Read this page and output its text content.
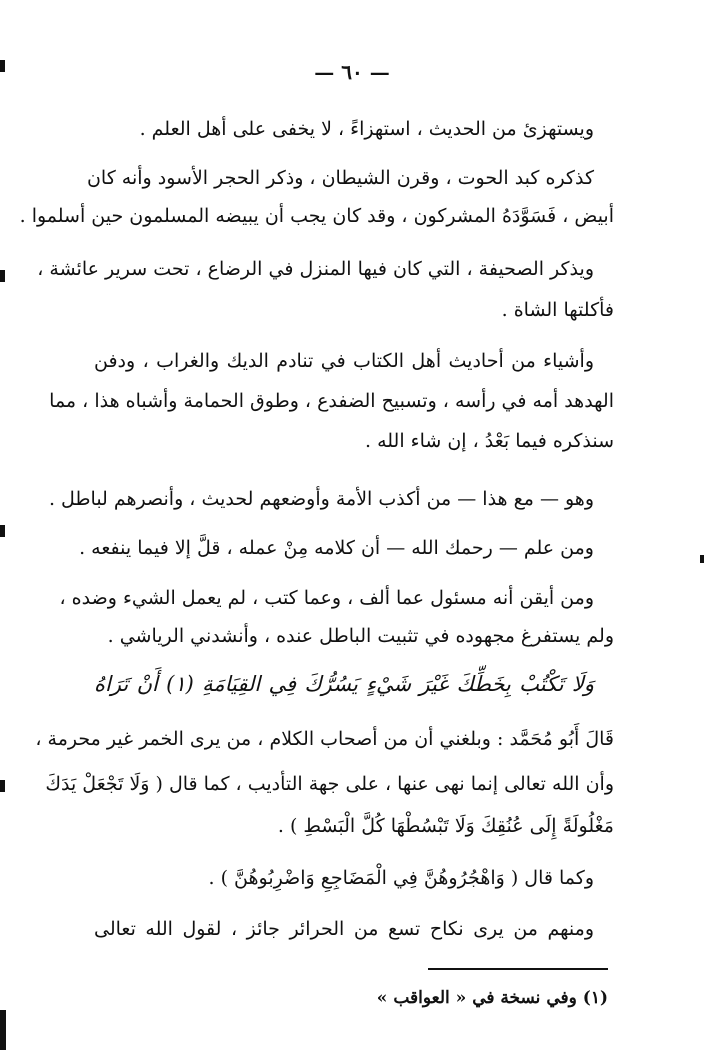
— ٦٠ —
ويستهزئ من الحديث ، استهزاءً ، لا يخفى على أهل العلم .
كذكره كبد الحوت ، وقرن الشيطان ، وذكر الحجر الأسود وأنه كان
أبيض ، فَسَوَّدَهُ المشركون ، وقد كان يجب أن يبيضه المسلمون حين أسلموا .
ويذكر الصحيفة ، التي كان فيها المنزل في الرضاع ، تحت سرير عائشة ،
فأكلتها الشاة .
وأشياء من أحاديث أهل الكتاب في تنادم الديك والغراب ، ودفن
الهدهد أمه في رأسه ، وتسبيح الضفدع ، وطوق الحمامة وأشباه هذا ، مما
سنذكره فيما بَعْدُ ، إن شاء الله .
وهو — مع هذا — من أكذب الأمة وأوضعهم لحديث ، وأنصرهم لباطل .
ومن علم — رحمك الله — أن كلامه مِنْ عمله ، قلَّ إلا فيما ينفعه .
ومن أيقن أنه مسئول عما ألف ، وعما كتب ، لم يعمل الشيء وضده ،
ولم يستفرغ مجهوده في تثبيت الباطل عنده ، وأنشدني الرياشي .
وَلَا تَكْتُبْ بِخَطِّكَ غَيْرَ شَيْءٍ يَسُرُّكَ فِي القِيَامَةِ (١) أَنْ تَرَاهُ
قَالَ أَبُو مُحَمَّد : وبلغني أن من أصحاب الكلام ، من يرى الخمر غير محرمة ،
وأن الله تعالى إنما نهى عنها ، على جهة التأديب ، كما قال ( وَلَا تَجْعَلْ يَدَكَ
مَغْلُولَةً إِلَى عُنُقِكَ وَلَا تَبْسُطْهَا كُلَّ الْبَسْطِ ) .
وكما قال ( وَاهْجُرُوهُنَّ فِي الْمَضَاجِعِ وَاضْرِبُوهُنَّ ) .
ومنهم من يرى نكاح تسع من الحرائر جائز ، لقول الله تعالى
(١) وفي نسخة في « العواقب »
